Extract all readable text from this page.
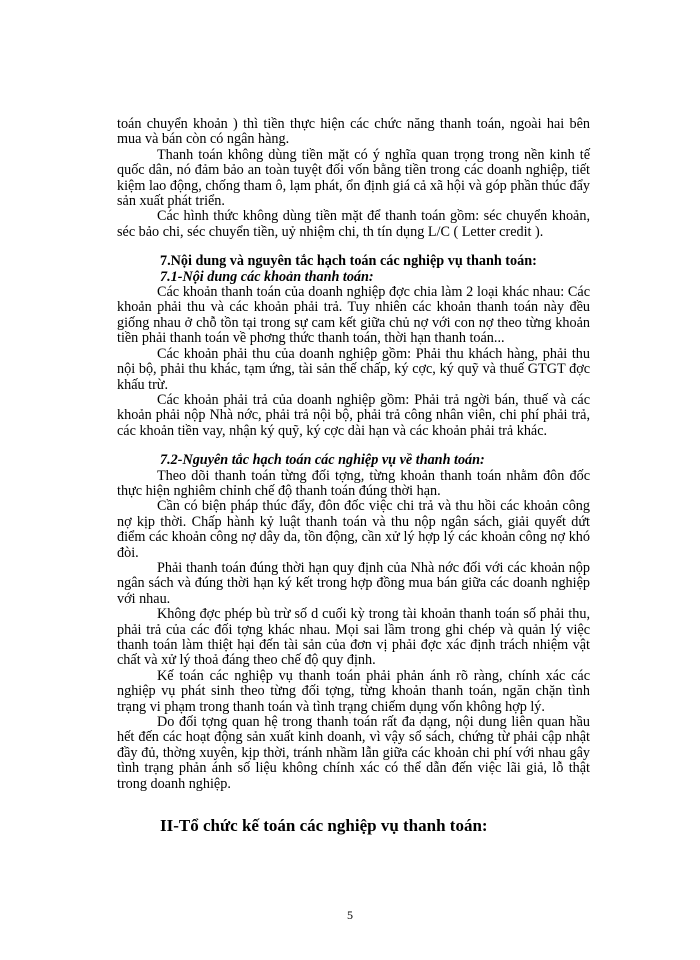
toán chuyển khoản ) thì tiền thực hiện các chức năng thanh toán, ngoài hai bên mua và bán còn có ngân hàng.

Thanh toán không dùng tiền mặt có ý nghĩa quan trọng trong nền kinh tế quốc dân, nó đảm bảo an toàn tuyệt đối vốn bằng tiền trong các doanh nghiệp, tiết kiệm lao động, chống tham ô, lạm phát, ổn định giá cả xã hội và góp phần thúc đẩy sản xuất phát triển.

Các hình thức không dùng tiền mặt để thanh toán gồm: séc chuyển khoản, séc bảo chi, séc chuyển tiền, uỷ nhiệm chi, th tín dụng L/C ( Letter credit ).

7.Nội dung và nguyên tắc hạch toán các nghiệp vụ thanh toán:

7.1-Nội dung các khoản thanh toán:

Các khoản thanh toán của doanh nghiệp đợc chia làm 2 loại khác nhau: Các khoản phải thu và các khoản phải trả. Tuy nhiên các khoản thanh toán này đều giống nhau ở chỗ tồn tại trong sự cam kết giữa chủ nợ với con nợ theo từng khoản tiền phải thanh toán về phơng thức thanh toán, thời hạn thanh toán...

Các khoản phải thu của doanh nghiệp gồm: Phải thu khách hàng, phải thu nội bộ, phải thu khác, tạm ứng, tài sản thế chấp, ký cợc, ký quỹ và thuế GTGT đợc khấu trừ.

Các khoản phải trả của doanh nghiệp gồm: Phải trả ngời bán, thuế và các khoản phải nộp Nhà nớc, phải trả nội bộ, phải trả công nhân viên, chi phí phải trả, các khoản tiền vay, nhận ký quỹ, ký cợc dài hạn và các khoản phải trả khác.

7.2-Nguyên tắc hạch toán các nghiệp vụ về thanh toán:

Theo dõi thanh toán từng đối tợng, từng khoản thanh toán nhằm đôn đốc thực hiện nghiêm chỉnh chế độ thanh toán đúng thời hạn.

Cần có biện pháp thúc đẩy, đôn đốc việc chi trả và thu hồi các khoản công nợ kịp thời. Chấp hành kỷ luật thanh toán và thu nộp ngân sách, giải quyết dứt điểm các khoản công nợ dây da, tồn động, cần xử lý hợp lý các khoản công nợ khó đòi.

Phải thanh toán đúng thời hạn quy định của Nhà nớc đối với các khoản nộp ngân sách và đúng thời hạn ký kết trong hợp đồng mua bán giữa các doanh nghiệp với nhau.

Không đợc phép bù trừ số d cuối kỳ trong tài khoản thanh toán số phải thu, phải trả của các đối tợng khác nhau. Mọi sai lầm trong ghi chép và quản lý việc thanh toán làm thiệt hại đến tài sản của đơn vị phải đợc xác định trách nhiệm vật chất và xử lý thoả đáng theo chế độ quy định.

Kế toán các nghiệp vụ thanh toán phải phản ánh rõ ràng, chính xác các nghiệp vụ phát sinh theo từng đối tợng, từng khoản thanh toán, ngăn chặn tình trạng vi phạm trong thanh toán và tình trạng chiếm dụng vốn không hợp lý.

Do đối tợng quan hệ trong thanh toán rất đa dạng, nội dung liên quan hầu hết đến các hoạt động sản xuất kinh doanh, vì vậy sổ sách, chứng từ phải cập nhật đầy đủ, thờng xuyên, kịp thời, tránh nhầm lẫn giữa các khoản chi phí với nhau gây tình trạng phản ánh số liệu không chính xác có thể dẫn đến việc lãi giả, lỗ thật trong doanh nghiệp.

II-Tổ chức kế toán các nghiệp vụ thanh toán:

5
